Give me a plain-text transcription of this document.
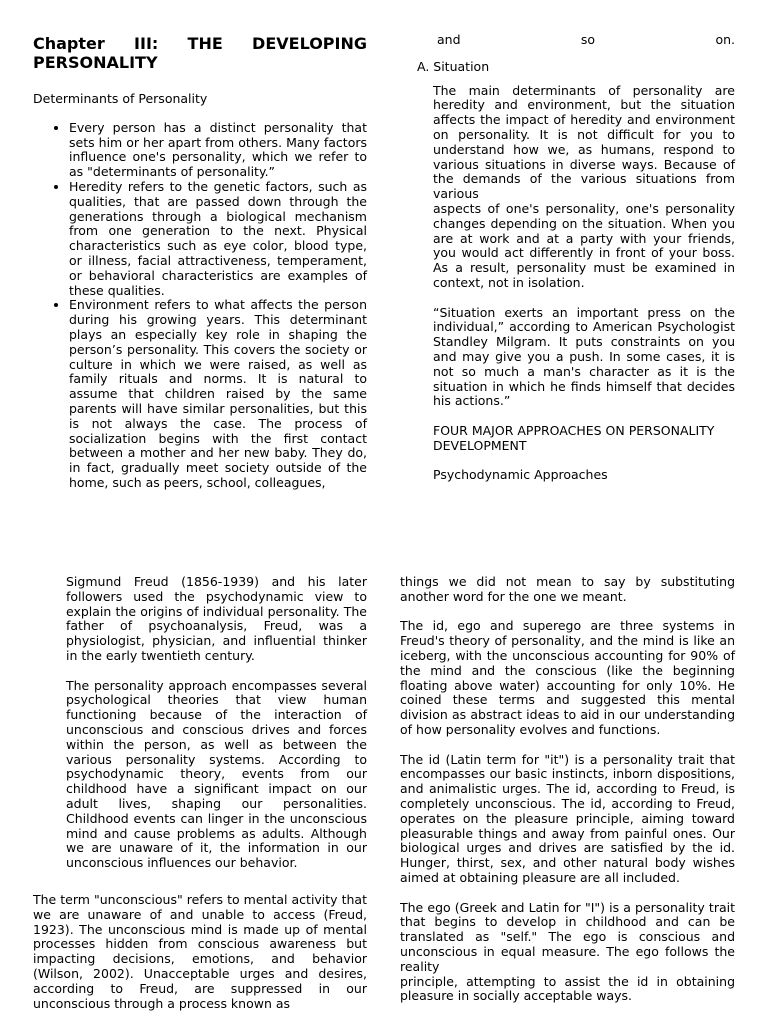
Chapter III: THE DEVELOPING PERSONALITY

Determinants of Personality

• Every person has a distinct personality that sets him or her apart from others. Many factors influence one's personality, which we refer to as "determinants of personality.”
• Heredity refers to the genetic factors, such as qualities, that are passed down through the generations through a biological mechanism from one generation to the next. Physical characteristics such as eye color, blood type, or illness, facial attractiveness, temperament, or behavioral characteristics are examples of these qualities.
• Environment refers to what affects the person during his growing years. This determinant plays an especially key role in shaping the person’s personality. This covers the society or culture in which we were raised, as well as family rituals and norms. It is natural to assume that children raised by the same parents will have similar personalities, but this is not always the case. The process of socialization begins with the first contact between a mother and her new baby. They do, in fact, gradually meet society outside of the home, such as peers, school, colleagues,
and	so	on.

A. Situation

The main determinants of personality are heredity and environment, but the situation affects the impact of heredity and environment on personality. It is not difficult for you to understand how we, as humans, respond to various situations in diverse ways. Because of the demands of the various situations from various

aspects of one's personality, one's personality changes depending on the situation. When you are at work and at a party with your friends, you would act differently in front of your boss. As a result, personality must be examined in context, not in isolation.

“Situation exerts an important press on the individual,” according to American Psychologist Standley Milgram. It puts constraints on you and may give you a push. In some cases, it is not so much a man's character as it is the situation in which he finds himself that decides his actions.”

FOUR MAJOR APPROACHES ON PERSONALITY DEVELOPMENT

Psychodynamic Approaches

Sigmund Freud (1856-1939) and his later followers used the psychodynamic view to explain the origins of individual personality. The father of psychoanalysis, Freud, was a physiologist, physician, and influential thinker in the early twentieth century.

The personality approach encompasses several psychological theories that view human functioning because of the interaction of unconscious and conscious drives and forces within the person, as well as between the various personality systems. According to psychodynamic theory, events from our childhood have a significant impact on our adult lives, shaping our personalities. Childhood events can linger in the unconscious mind and cause problems as adults. Although we are unaware of it, the information in our unconscious influences our behavior.

The term "unconscious" refers to mental activity that we are unaware of and unable to access (Freud, 1923). The unconscious mind is made up of mental processes hidden from conscious awareness but impacting decisions, emotions, and behavior (Wilson, 2002). Unacceptable urges and desires, according to Freud, are suppressed in our unconscious through a process known as

things we did not mean to say by substituting another word for the one we meant.

The id, ego and superego are three systems in Freud's theory of personality, and the mind is like an iceberg, with the unconscious accounting for 90% of the mind and the conscious (like the beginning floating above water) accounting for only 10%. He coined these terms and suggested this mental division as abstract ideas to aid in our understanding of how personality evolves and functions.

The id (Latin term for "it") is a personality trait that encompasses our basic instincts, inborn dispositions, and animalistic urges. The id, according to Freud, is completely unconscious. The id, according to Freud, operates on the pleasure principle, aiming toward pleasurable things and away from painful ones. Our biological urges and drives are satisfied by the id. Hunger, thirst, sex, and other natural body wishes aimed at obtaining pleasure are all included.

The ego (Greek and Latin for "I") is a personality trait that begins to develop in childhood and can be translated as "self." The ego is conscious and unconscious in equal measure. The ego follows the reality

principle, attempting to assist the id in obtaining pleasure in socially acceptable ways.
